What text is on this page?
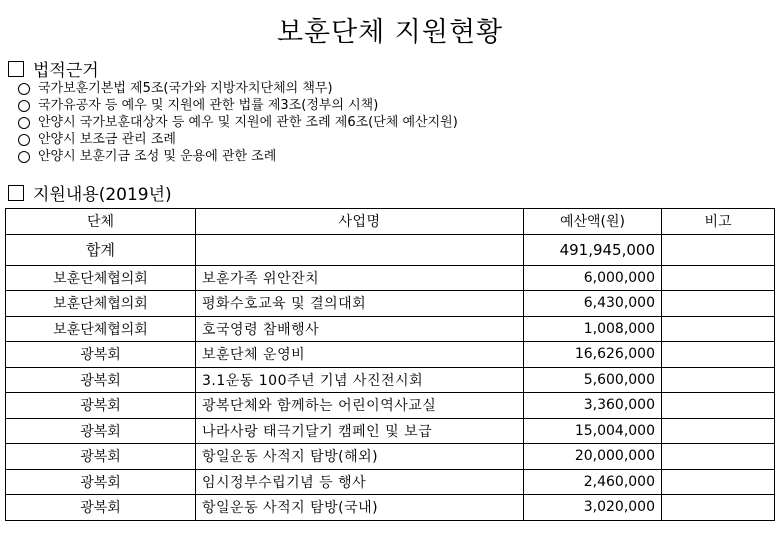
보훈단체 지원현황
법적근거
국가보훈기본법 제5조(국가와 지방자치단체의 책무)
국가유공자 등 예우 및 지원에 관한 법률 제3조(정부의 시책)
안양시 국가보훈대상자 등 예우 및 지원에 관한 조례 제6조(단체 예산지원)
안양시 보조금 관리 조례
안양시 보훈기금 조성 및 운용에 관한 조례
지원내용(2019년)
단체	사업명	예산액(원)	비고
합계		491,945,000	
보훈단체협의회	보훈가족 위안잔치	6,000,000	
보훈단체협의회	평화수호교육 및 결의대회	6,430,000	
보훈단체협의회	호국영령 참배행사	1,008,000	
광복회	보훈단체 운영비	16,626,000	
광복회	3.1운동 100주년 기념 사진전시회	5,600,000	
광복회	광복단체와 함께하는 어린이역사교실	3,360,000	
광복회	나라사랑 태극기달기 캠페인 및 보급	15,004,000	
광복회	항일운동 사적지 탐방(해외)	20,000,000	
광복회	임시정부수립기념 등 행사	2,460,000	
광복회	항일운동 사적지 탐방(국내)	3,020,000	
